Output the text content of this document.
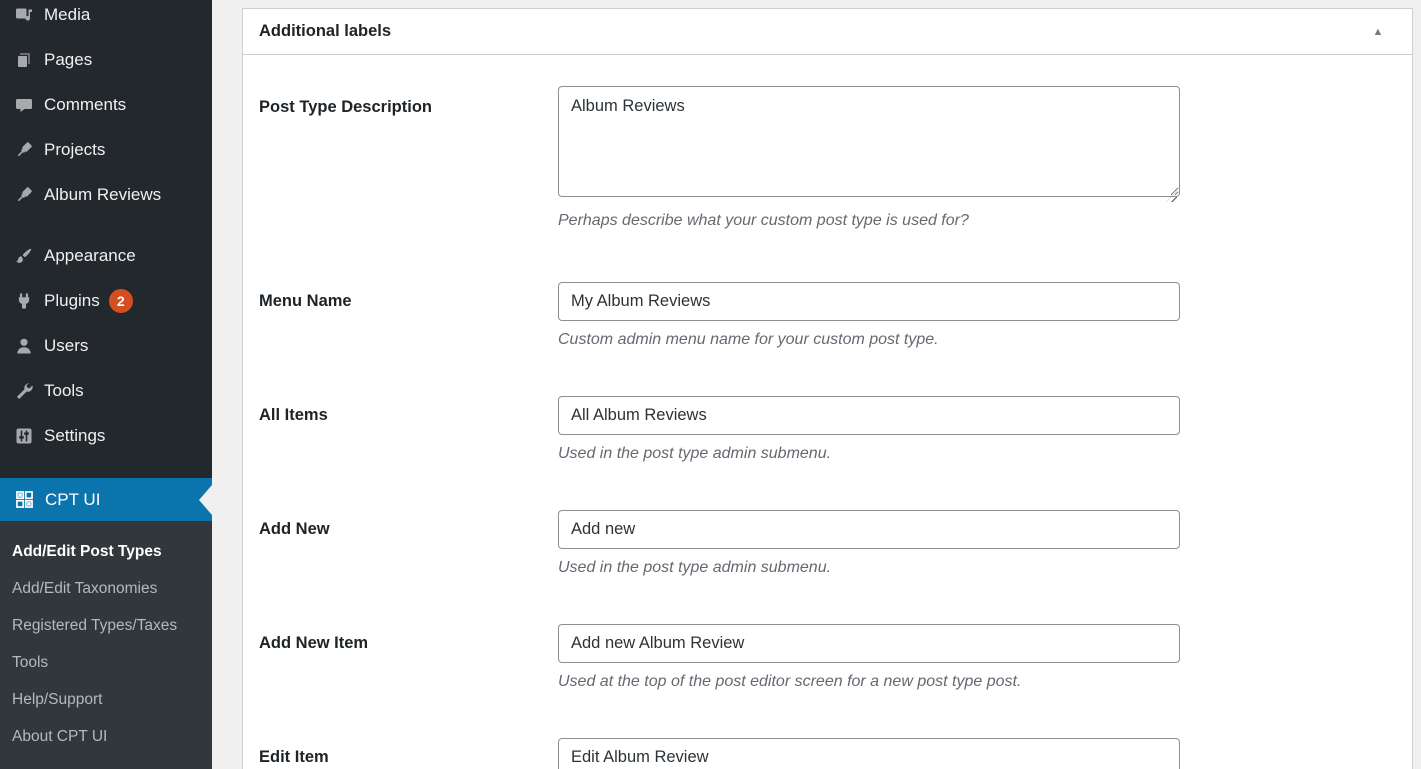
Media
Pages
Comments
Projects
Album Reviews
Appearance
Plugins	2
Users
Tools
Settings
CPT UI
Add/Edit Post Types
Add/Edit Taxonomies
Registered Types/Taxes
Tools
Help/Support
About CPT UI
Additional labels	▲
Post Type Description
Album Reviews

Perhaps describe what your custom post type is used for?

Menu Name
My Album Reviews

Custom admin menu name for your custom post type.

All Items
All Album Reviews

Used in the post type admin submenu.

Add New
Add new

Used in the post type admin submenu.

Add New Item
Add new Album Review

Used at the top of the post editor screen for a new post type post.

Edit Item
Edit Album Review
